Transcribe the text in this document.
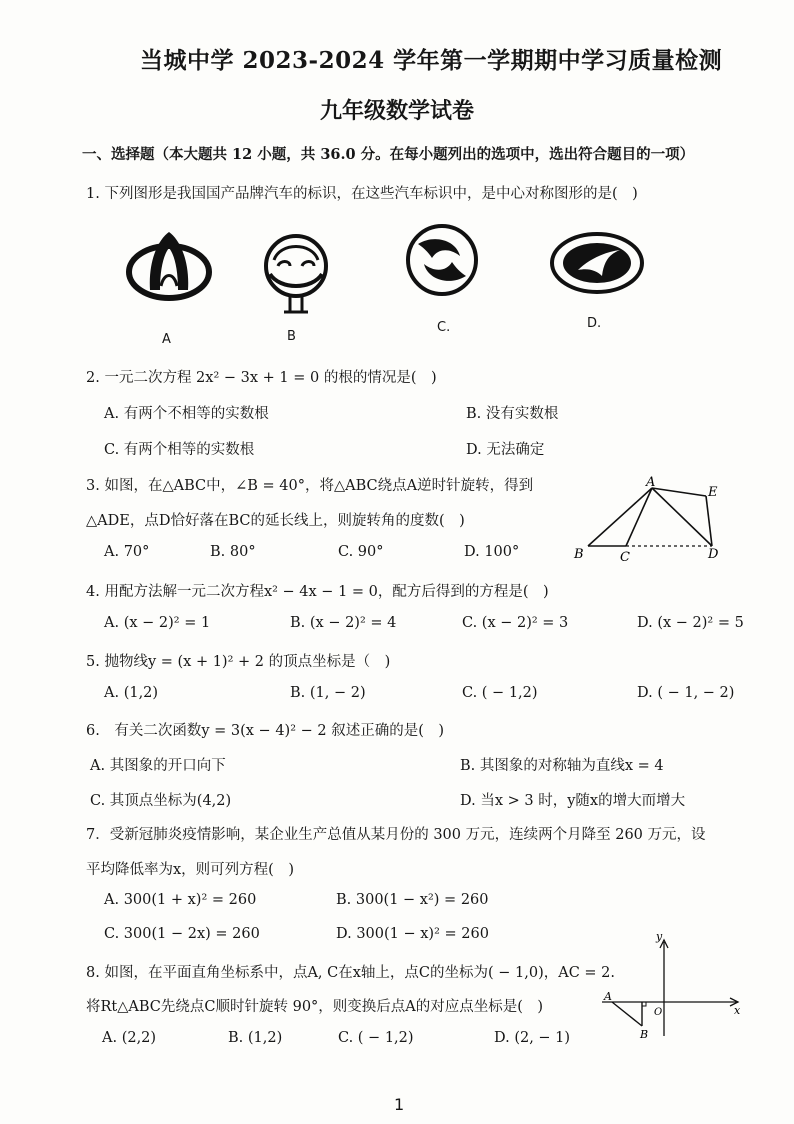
当城中学 2023-2024 学年第一学期期中学习质量检测
九年级数学试卷
一、选择题（本大题共 12 小题，共 36.0 分。在每小题列出的选项中，选出符合题目的一项）
1. 下列图形是我国国产品牌汽车的标识，在这些汽车标识中，是中心对称图形的是(　)
A	B
C.	D.
2. 一元二次方程 2x² − 3x + 1 = 0 的根的情况是(　)
A. 有两个不相等的实数根	B. 没有实数根
C. 有两个相等的实数根	D. 无法确定
3. 如图，在△ABC中，∠B = 40°，将△ABC绕点A逆时针旋转，得到
△ADE，点D恰好落在BC的延长线上，则旋转角的度数(　)
A. 70°	B. 80°	C. 90°	D. 100°
A
E
B	C	D
4. 用配方法解一元二次方程x² − 4x − 1 = 0，配方后得到的方程是(　)
A. (x − 2)² = 1	B. (x − 2)² = 4	C. (x − 2)² = 3	D. (x − 2)² = 5
5. 抛物线y = (x + 1)² + 2 的顶点坐标是（　)
A. (1,2)	B. (1, − 2)	C. ( − 1,2)	D. ( − 1, − 2)
6.　有关二次函数y = 3(x − 4)² − 2 叙述正确的是(　)
A. 其图象的开口向下	B. 其图象的对称轴为直线x = 4
C. 其顶点坐标为(4,2)	D. 当x > 3 时，y随x的增大而增大
7．受新冠肺炎疫情影响，某企业生产总值从某月份的 300 万元，连续两个月降至 260 万元，设
平均降低率为x，则可列方程(　)
A. 300(1 + x)² = 260	B. 300(1 − x²) = 260
C. 300(1 − 2x) = 260	D. 300(1 − x)² = 260
8. 如图，在平面直角坐标系中，点A, C在x轴上，点C的坐标为( − 1,0)，AC = 2.
将Rt△ABC先绕点C顺时针旋转 90°，则变换后点A的对应点坐标是(　)
A. (2,2)	B. (1,2)	C. ( − 1,2)	D. (2, − 1)
y
x
A
O
B
1
